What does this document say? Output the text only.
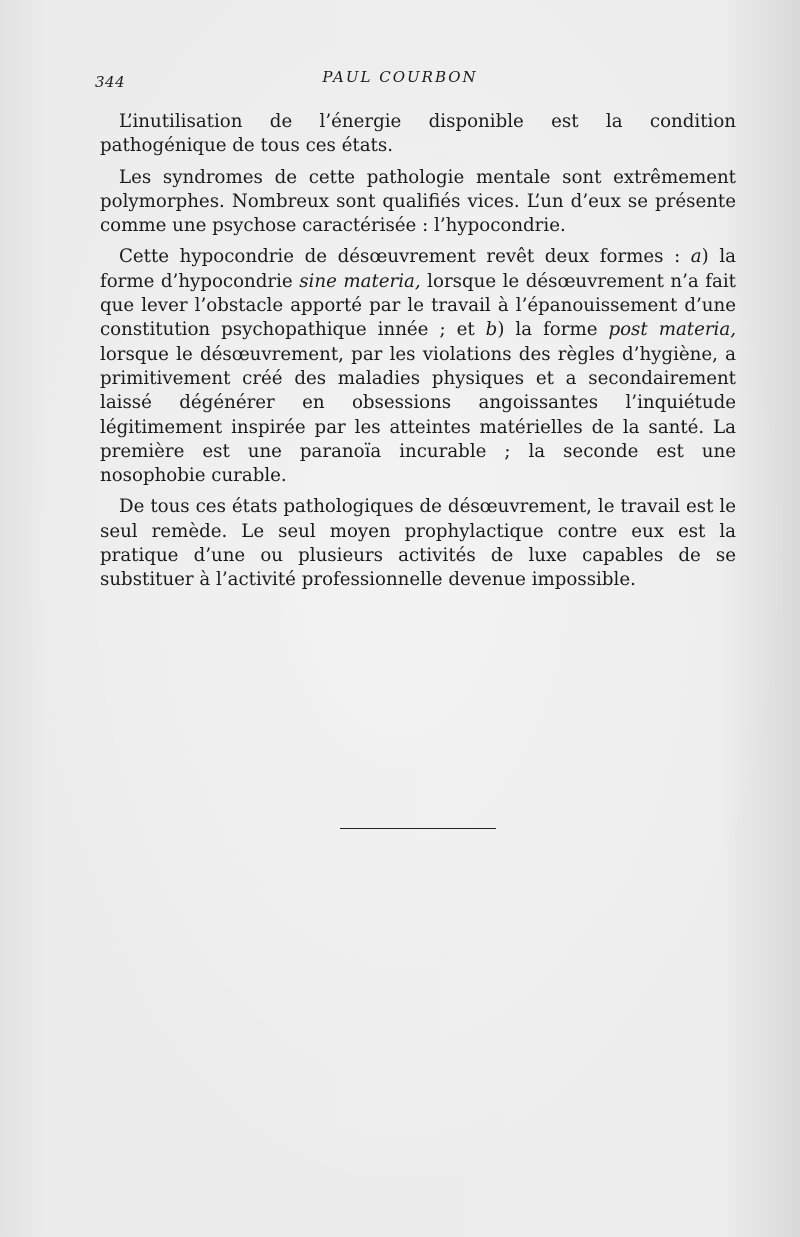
344	PAUL COURBON

L’inutilisation de l’énergie disponible est la condition pathogénique de tous ces états.

Les syndromes de cette pathologie mentale sont extrêmement polymorphes. Nombreux sont qualifiés vices. L’un d’eux se présente comme une psychose caractérisée : l’hypocondrie.

Cette hypocondrie de désœuvrement revêt deux formes : a) la forme d’hypocondrie sine materia, lorsque le désœuvrement n’a fait que lever l’obstacle apporté par le travail à l’épanouissement d’une constitution psychopathique innée ; et b) la forme post materia, lorsque le désœuvrement, par les violations des règles d’hygiène, a primitivement créé des maladies physiques et a secondairement laissé dégénérer en obsessions angoissantes l’inquiétude légitimement inspirée par les atteintes matérielles de la santé. La première est une paranoïa incurable ; la seconde est une nosophobie curable.

De tous ces états pathologiques de désœuvrement, le travail est le seul remède. Le seul moyen prophylactique contre eux est la pratique d’une ou plusieurs activités de luxe capables de se substituer à l’activité professionnelle devenue impossible.
